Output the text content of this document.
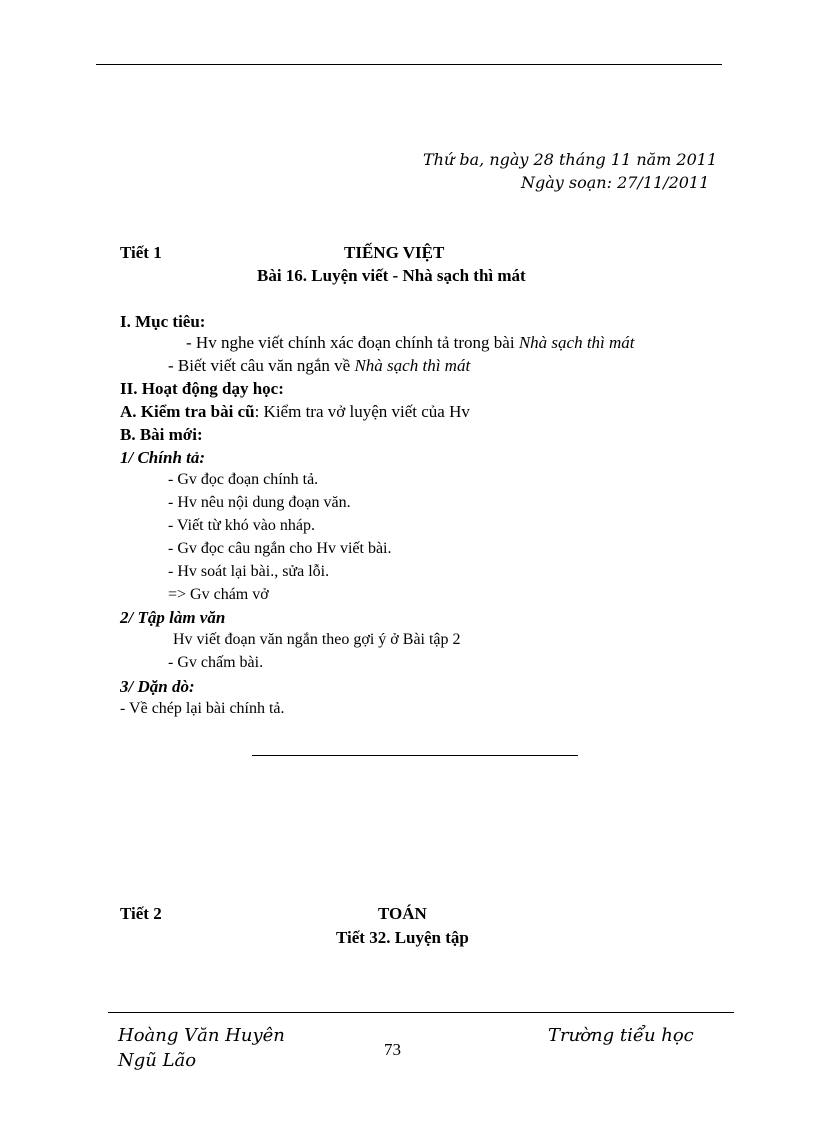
Thứ ba, ngày 28 tháng 11 năm 2011
Ngày soạn: 27/11/2011
Tiết 1	TIẾNG VIỆT
Bài 16. Luyện viết - Nhà sạch thì mát
I. Mục tiêu:
- Hv nghe viết chính xác đoạn chính tả trong bài Nhà sạch thì mát
- Biết viết câu văn ngắn về Nhà sạch thì mát
II. Hoạt động dạy học:
A. Kiểm tra bài cũ: Kiểm tra vở luyện viết của Hv
B. Bài mới:
1/ Chính tả:
- Gv đọc đoạn chính tả.
- Hv nêu nội dung đoạn văn.
- Viết từ khó vào nháp.
- Gv đọc câu ngắn cho Hv viết bài.
- Hv soát lại bài., sửa lỗi.
=> Gv chám vở
2/ Tập làm văn
Hv viết đoạn văn ngắn theo gợi ý ở Bài tập 2
- Gv chấm bài.
3/ Dặn dò:
- Về chép lại bài chính tả.
Tiết 2	TOÁN
Tiết 32. Luyện tập
Hoàng Văn Huyên
Ngũ Lão
73
Trường tiểu học
